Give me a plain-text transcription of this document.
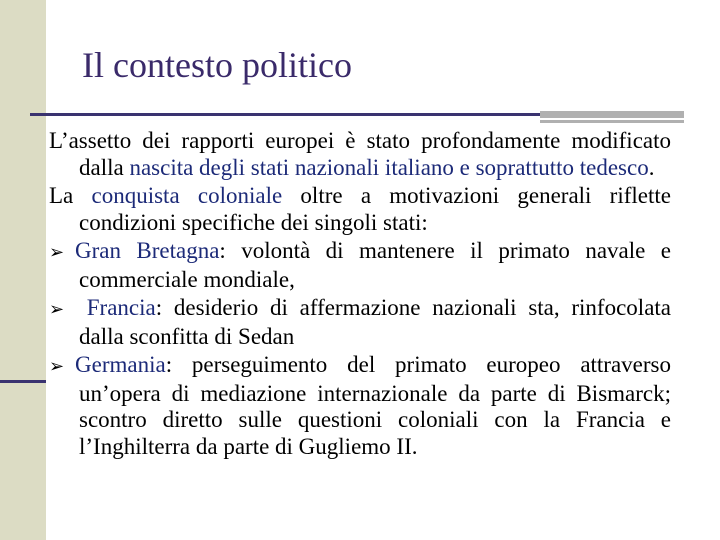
Il contesto politico

L’assetto dei rapporti europei è stato profondamente modificato dalla nascita degli stati nazionali italiano e soprattutto tedesco.

La conquista coloniale oltre a motivazioni generali riflette condizioni specifiche dei singoli stati:

➢ Gran Bretagna: volontà di mantenere il primato navale e commerciale mondiale,

➢ Francia: desiderio di affermazione nazionali sta, rinfocolata dalla sconfitta di Sedan

➢ Germania: perseguimento del primato europeo attraverso un’opera di mediazione internazionale da parte di Bismarck; scontro diretto sulle questioni coloniali con la Francia e l’Inghilterra da parte di Gugliemo II.
